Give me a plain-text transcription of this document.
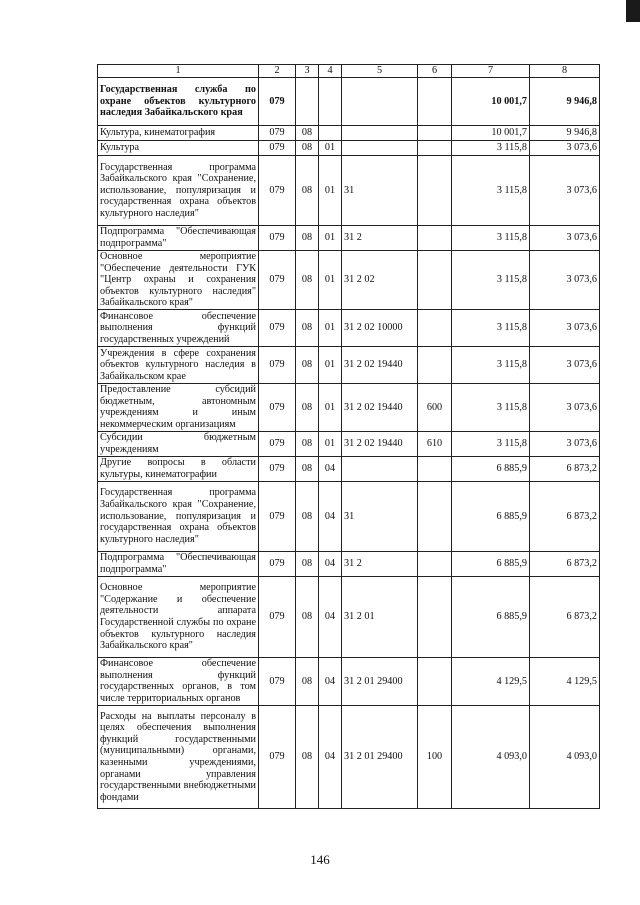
1	2	3	4	5	6	7	8
Государственная служба по охране объектов культурного наследия Забайкальского края	079					10 001,7	9 946,8
Культура, кинематография	079	08				10 001,7	9 946,8
Культура	079	08	01			3 115,8	3 073,6
Государственная программа Забайкальского края "Сохранение, использование, популяризация и государственная охрана объектов культурного наследия"	079	08	01	31		3 115,8	3 073,6
Подпрограмма "Обеспечивающая подпрограмма"	079	08	01	31 2		3 115,8	3 073,6
Основное мероприятие "Обеспечение деятельности ГУК "Центр охраны и сохранения объектов культурного наследия" Забайкальского края"	079	08	01	31 2 02		3 115,8	3 073,6
Финансовое обеспечение выполнения функций государственных учреждений	079	08	01	31 2 02 10000		3 115,8	3 073,6
Учреждения в сфере сохранения объектов культурного наследия в Забайкальском крае	079	08	01	31 2 02 19440		3 115,8	3 073,6
Предоставление субсидий бюджетным, автономным учреждениям и иным некоммерческим организациям	079	08	01	31 2 02 19440	600	3 115,8	3 073,6
Субсидии бюджетным учреждениям	079	08	01	31 2 02 19440	610	3 115,8	3 073,6
Другие вопросы в области культуры, кинематографии	079	08	04			6 885,9	6 873,2
Государственная программа Забайкальского края "Сохранение, использование, популяризация и государственная охрана объектов культурного наследия"	079	08	04	31		6 885,9	6 873,2
Подпрограмма "Обеспечивающая подпрограмма"	079	08	04	31 2		6 885,9	6 873,2
Основное мероприятие "Содержание и обеспечение деятельности аппарата Государственной службы по охране объектов культурного наследия Забайкальского края"	079	08	04	31 2 01		6 885,9	6 873,2
Финансовое обеспечение выполнения функций государственных органов, в том числе территориальных органов	079	08	04	31 2 01 29400		4 129,5	4 129,5
Расходы на выплаты персоналу в целях обеспечения выполнения функций государственными (муниципальными) органами, казенными учреждениями, органами управления государственными внебюджетными фондами	079	08	04	31 2 01 29400	100	4 093,0	4 093,0
146
